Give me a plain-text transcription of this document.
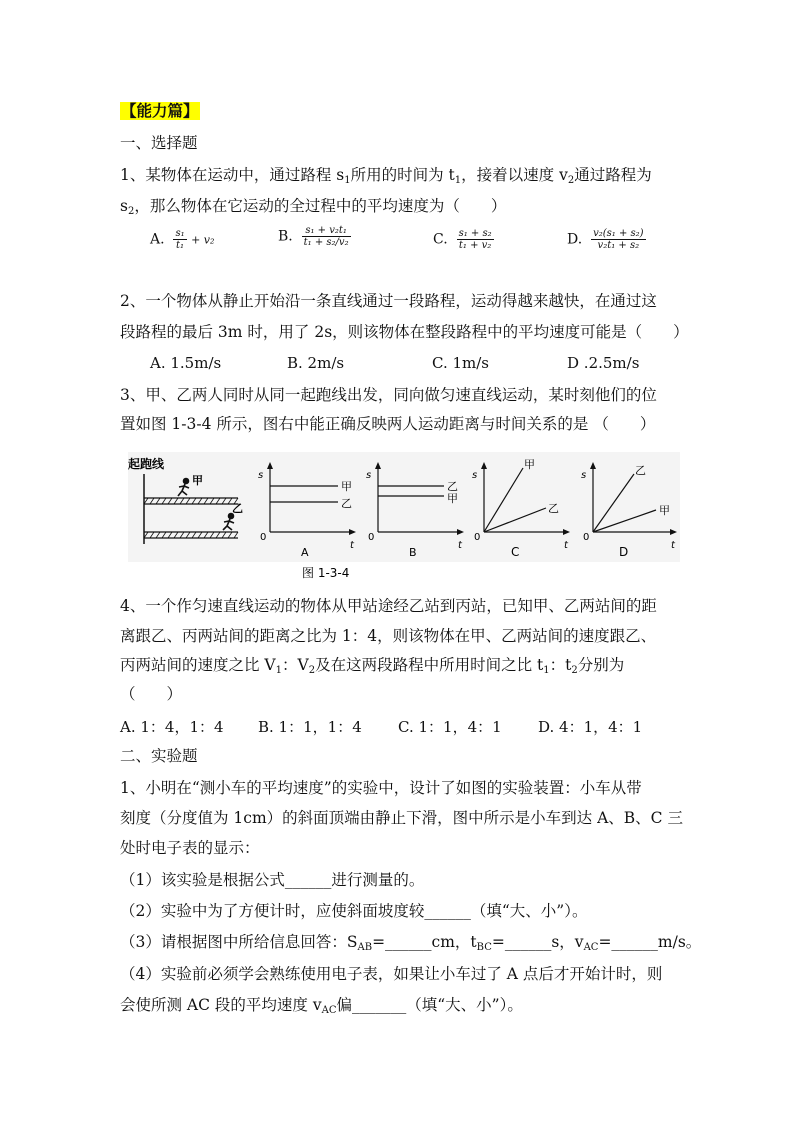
【能力篇】
一、选择题
1、某物体在运动中，通过路程 $s_1$所用的时间为 $t_1$，接着以速度 $v_2$通过路程为
$s_2$，那么物体在它运动的全过程中的平均速度为（　　）
A. $\frac{\text{s₁}}{\text{t₁}} + v_2$	B. $\frac{\text{s₁ + v₂t₁}}{\text{t₁ + s₂/v₂}}$	C. $\frac{\text{s₁ + s₂}}{\text{t₁ + v₂}}$	D. $\frac{\text{v₂(s₁ + s₂)}}{\text{v₂t₁ + s₂}}$
2、一个物体从静止开始沿一条直线通过一段路程，运动得越来越快，在通过这
段路程的最后 3m 时，用了 2s，则该物体在整段路程中的平均速度可能是（　　）
A. 1.5m/s	B. 2m/s	C. 1m/s	D .2.5m/s
3、甲、乙两人同时从同一起跑线出发，同向做匀速直线运动，某时刻他们的位
置如图 1-3-4 所示，图右中能正确反映两人运动距离与时间关系的是 （　　）
起跑线
甲
乙
s
0
t
甲
乙
A
s
0
t
乙
甲
B
s
0
t
甲
乙
C
s
0
t
乙
甲
D
图 1-3-4
4、一个作匀速直线运动的物体从甲站途经乙站到丙站，已知甲、乙两站间的距
离跟乙、丙两站间的距离之比为 1：4，则该物体在甲、乙两站间的速度跟乙、
丙两站间的速度之比 $V_1$：$V_2$及在这两段路程中所用时间之比 $t_1$：$t_2$分别为
（　　）
A. 1：4，1：4 B. 1：1，1：4 C. 1：1，4：1 D. 4：1，4：1
二、实验题
1、小明在“测小车的平均速度”的实验中，设计了如图的实验装置：小车从带
刻度（分度值为 1cm）的斜面顶端由静止下滑，图中所示是小车到达 A、B、C 三
处时电子表的显示：
（1）该实验是根据公式______进行测量的。
（2）实验中为了方便计时，应使斜面坡度较______（填“大、小”）。
（3）请根据图中所给信息回答：$S_{AB}=\_\_\_\_\_\_cm$，$t_{BC}=\_\_\_\_\_\_s$，$v_{AC}=\_\_\_\_\_\_m/s$。
（4）实验前必须学会熟练使用电子表，如果让小车过了 A 点后才开始计时，则
会使所测 AC 段的平均速度 $v_{AC}$偏_______（填“大、小”）。
